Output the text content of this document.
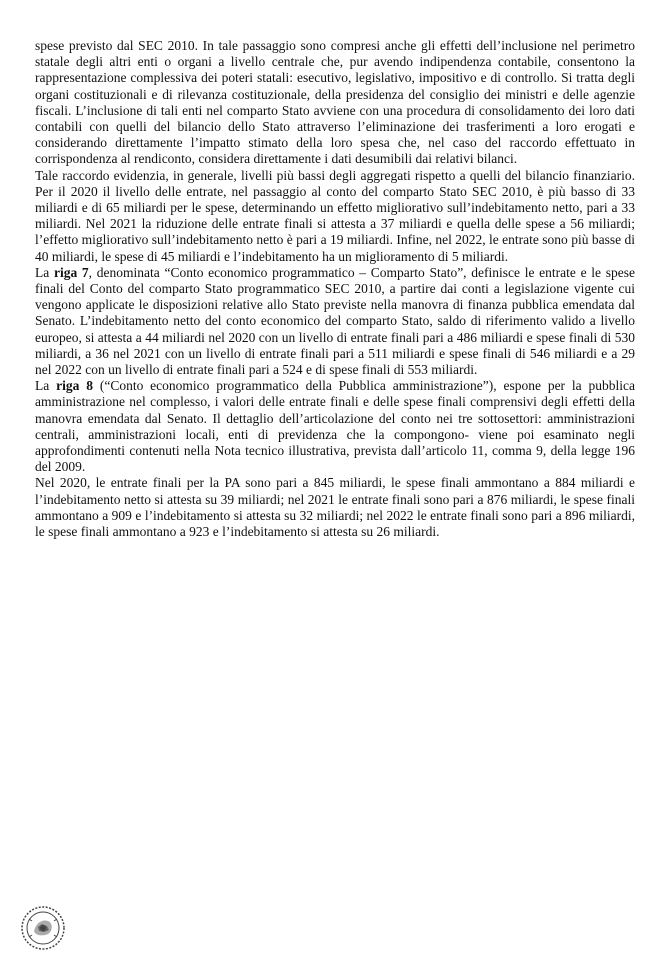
spese previsto dal SEC 2010. In tale passaggio sono compresi anche gli effetti dell’inclusione nel perimetro statale degli altri enti o organi a livello centrale che, pur avendo indipendenza contabile, consentono la rappresentazione complessiva dei poteri statali: esecutivo, legislativo, impositivo e di controllo. Si tratta degli organi costituzionali e di rilevanza costituzionale, della presidenza del consiglio dei ministri e delle agenzie fiscali. L’inclusione di tali enti nel comparto Stato avviene con una procedura di consolidamento dei loro dati contabili con quelli del bilancio dello Stato attraverso l’eliminazione dei trasferimenti a loro erogati e considerando direttamente l’impatto stimato della loro spesa che, nel caso del raccordo effettuato in corrispondenza al rendiconto, considera direttamente i dati desumibili dai relativi bilanci.

Tale raccordo evidenzia, in generale, livelli più bassi degli aggregati rispetto a quelli del bilancio finanziario. Per il 2020 il livello delle entrate, nel passaggio al conto del comparto Stato SEC 2010, è più basso di 33 miliardi e di 65 miliardi per le spese, determinando un effetto migliorativo sull’indebitamento netto, pari a 33 miliardi. Nel 2021 la riduzione delle entrate finali si attesta a 37 miliardi e quella delle spese a 56 miliardi; l’effetto migliorativo sull’indebitamento netto è pari a 19 miliardi. Infine, nel 2022, le entrate sono più basse di 40 miliardi, le spese di 45 miliardi e l’indebitamento ha un miglioramento di 5 miliardi.

La riga 7, denominata “Conto economico programmatico – Comparto Stato”, definisce le entrate e le spese finali del Conto del comparto Stato programmatico SEC 2010, a partire dai conti a legislazione vigente cui vengono applicate le disposizioni relative allo Stato previste nella manovra di finanza pubblica emendata dal Senato. L’indebitamento netto del conto economico del comparto Stato, saldo di riferimento valido a livello europeo, si attesta a 44 miliardi nel 2020 con un livello di entrate finali pari a 486 miliardi e spese finali di 530 miliardi, a 36 nel 2021 con un livello di entrate finali pari a 511 miliardi e spese finali di 546 miliardi e a 29 nel 2022 con un livello di entrate finali pari a 524 e di spese finali di 553 miliardi.

La riga 8 (“Conto economico programmatico della Pubblica amministrazione”), espone per la pubblica amministrazione nel complesso, i valori delle entrate finali e delle spese finali comprensivi degli effetti della manovra emendata dal Senato. Il dettaglio dell’articolazione del conto nei tre sottosettori: amministrazioni centrali, amministrazioni locali, enti di previdenza che la compongono- viene poi esaminato negli approfondimenti contenuti nella Nota tecnico illustrativa, prevista dall’articolo 11, comma 9, della legge 196 del 2009.

Nel 2020, le entrate finali per la PA sono pari a 845 miliardi, le spese finali ammontano a 884 miliardi e l’indebitamento netto si attesta su 39 miliardi; nel 2021 le entrate finali sono pari a 876 miliardi, le spese finali ammontano a 909 e l’indebitamento si attesta su 32 miliardi; nel 2022 le entrate finali sono pari a 896 miliardi, le spese finali ammontano a 923 e l’indebitamento si attesta su 26 miliardi.
